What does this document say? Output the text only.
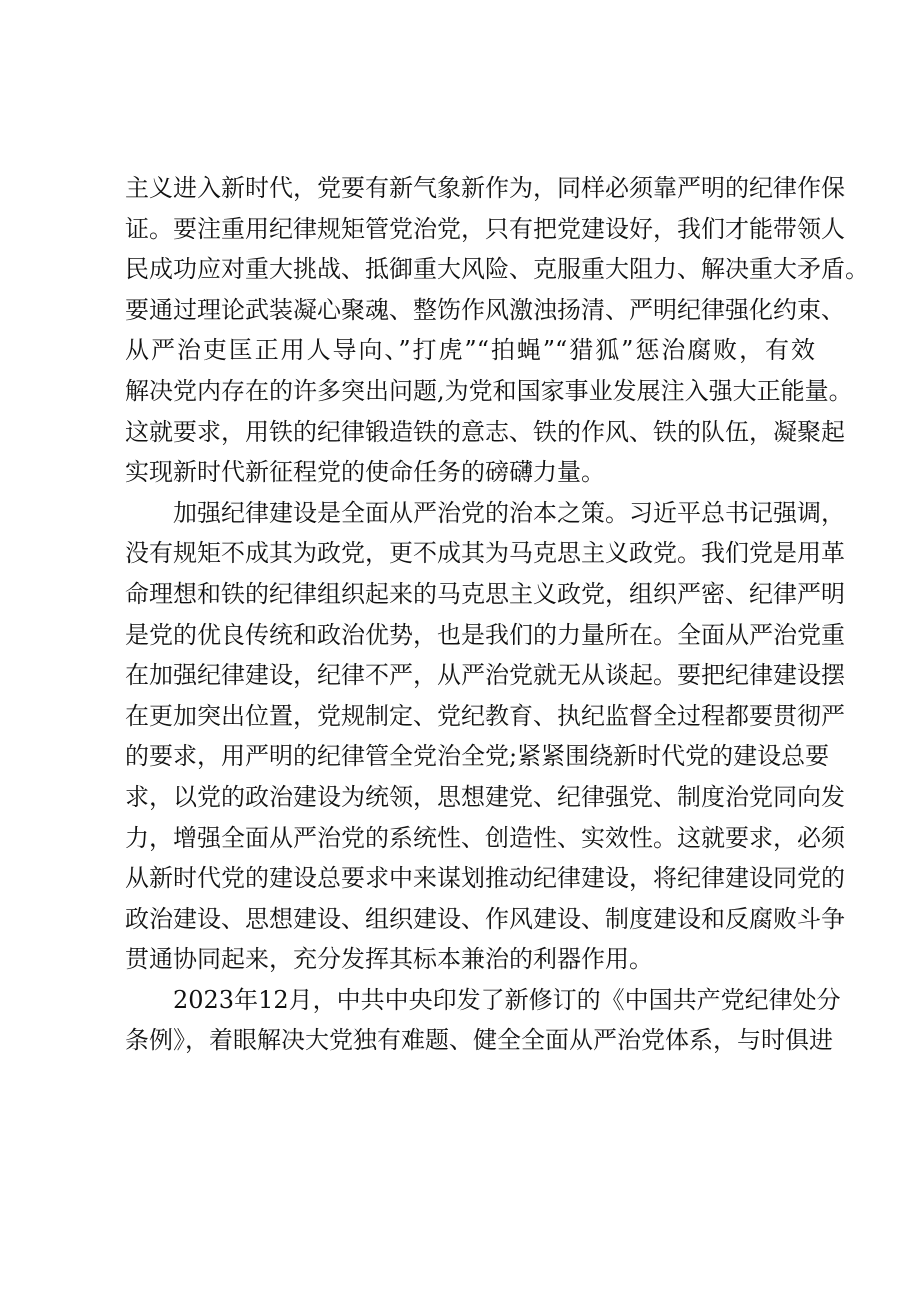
主义进入新时代，党要有新气象新作为，同样必须靠严明的纪律作保
证。要注重用纪律规矩管党治党，只有把党建设好，我们才能带领人
民成功应对重大挑战、抵御重大风险、克服重大阻力、解决重大矛盾。
要通过理论武装凝心聚魂、整饬作风激浊扬清、严明纪律强化约束、
从严治吏匡正用人导向、”打虎”“拍蝇”“猎狐”惩治腐败，有效
解决党内存在的许多突出问题,为党和国家事业发展注入强大正能量。
这就要求，用铁的纪律锻造铁的意志、铁的作风、铁的队伍，凝聚起
实现新时代新征程党的使命任务的磅礴力量。
加强纪律建设是全面从严治党的治本之策。习近平总书记强调，
没有规矩不成其为政党，更不成其为马克思主义政党。我们党是用革
命理想和铁的纪律组织起来的马克思主义政党，组织严密、纪律严明
是党的优良传统和政治优势，也是我们的力量所在。全面从严治党重
在加强纪律建设，纪律不严，从严治党就无从谈起。要把纪律建设摆
在更加突出位置，党规制定、党纪教育、执纪监督全过程都要贯彻严
的要求，用严明的纪律管全党治全党;紧紧围绕新时代党的建设总要
求，以党的政治建设为统领，思想建党、纪律强党、制度治党同向发
力，增强全面从严治党的系统性、创造性、实效性。这就要求，必须
从新时代党的建设总要求中来谋划推动纪律建设，将纪律建设同党的
政治建设、思想建设、组织建设、作风建设、制度建设和反腐败斗争
贯通协同起来，充分发挥其标本兼治的利器作用。
2023年12月，中共中央印发了新修订的《中国共产党纪律处分
条例》，着眼解决大党独有难题、健全全面从严治党体系，与时俱进
